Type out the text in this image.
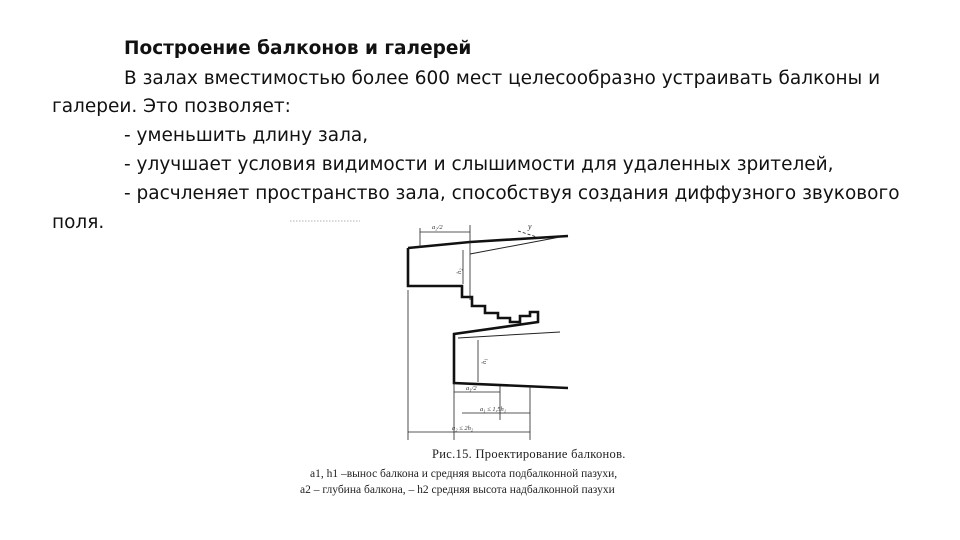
Построение балконов и галерей
В залах вместимостью более 600 мест целесообразно устраивать балконы и
галереи. Это позволяет:
- уменьшить длину зала,
- улучшает условия видимости и слышимости для удаленных зрителей,
- расчленяет пространство зала, способствуя создания диффузного звукового
поля.	y
a₂/2
h₂
h₁
a₁/2
a₁ ≤ 1,5h₁
a₂ ≤ 2h₂
Рис.15. Проектирование балконов.
а1, h1 –вынос балкона и средняя высота подбалконной пазухи,
а2 – глубина балкона, – h2 средняя высота надбалконной пазухи
